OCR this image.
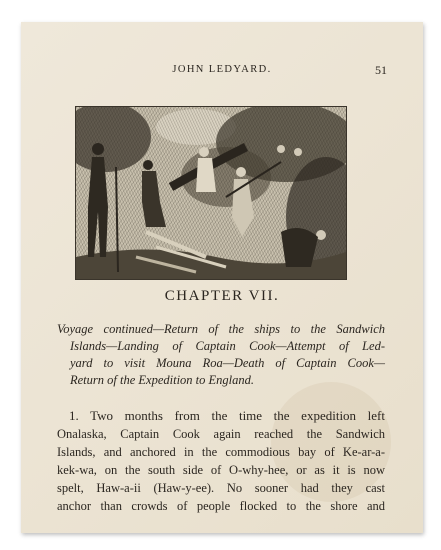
JOHN LEDYARD.	51
CHAPTER VII.
Voyage continued—Return of the ships to the Sandwich
Islands—Landing of Captain Cook—Attempt of Led-
yard to visit Mouna Roa—Death of Captain Cook—
Return of the Expedition to England.
1. Two months from the time the expedition left
Onalaska, Captain Cook again reached the Sandwich
Islands, and anchored in the commodious bay of Ke-ar-a-
kek-wa, on the south side of O-why-hee, or as it is now
spelt, Haw-a-ii (Haw-y-ee). No sooner had they cast
anchor than crowds of people flocked to the shore and
